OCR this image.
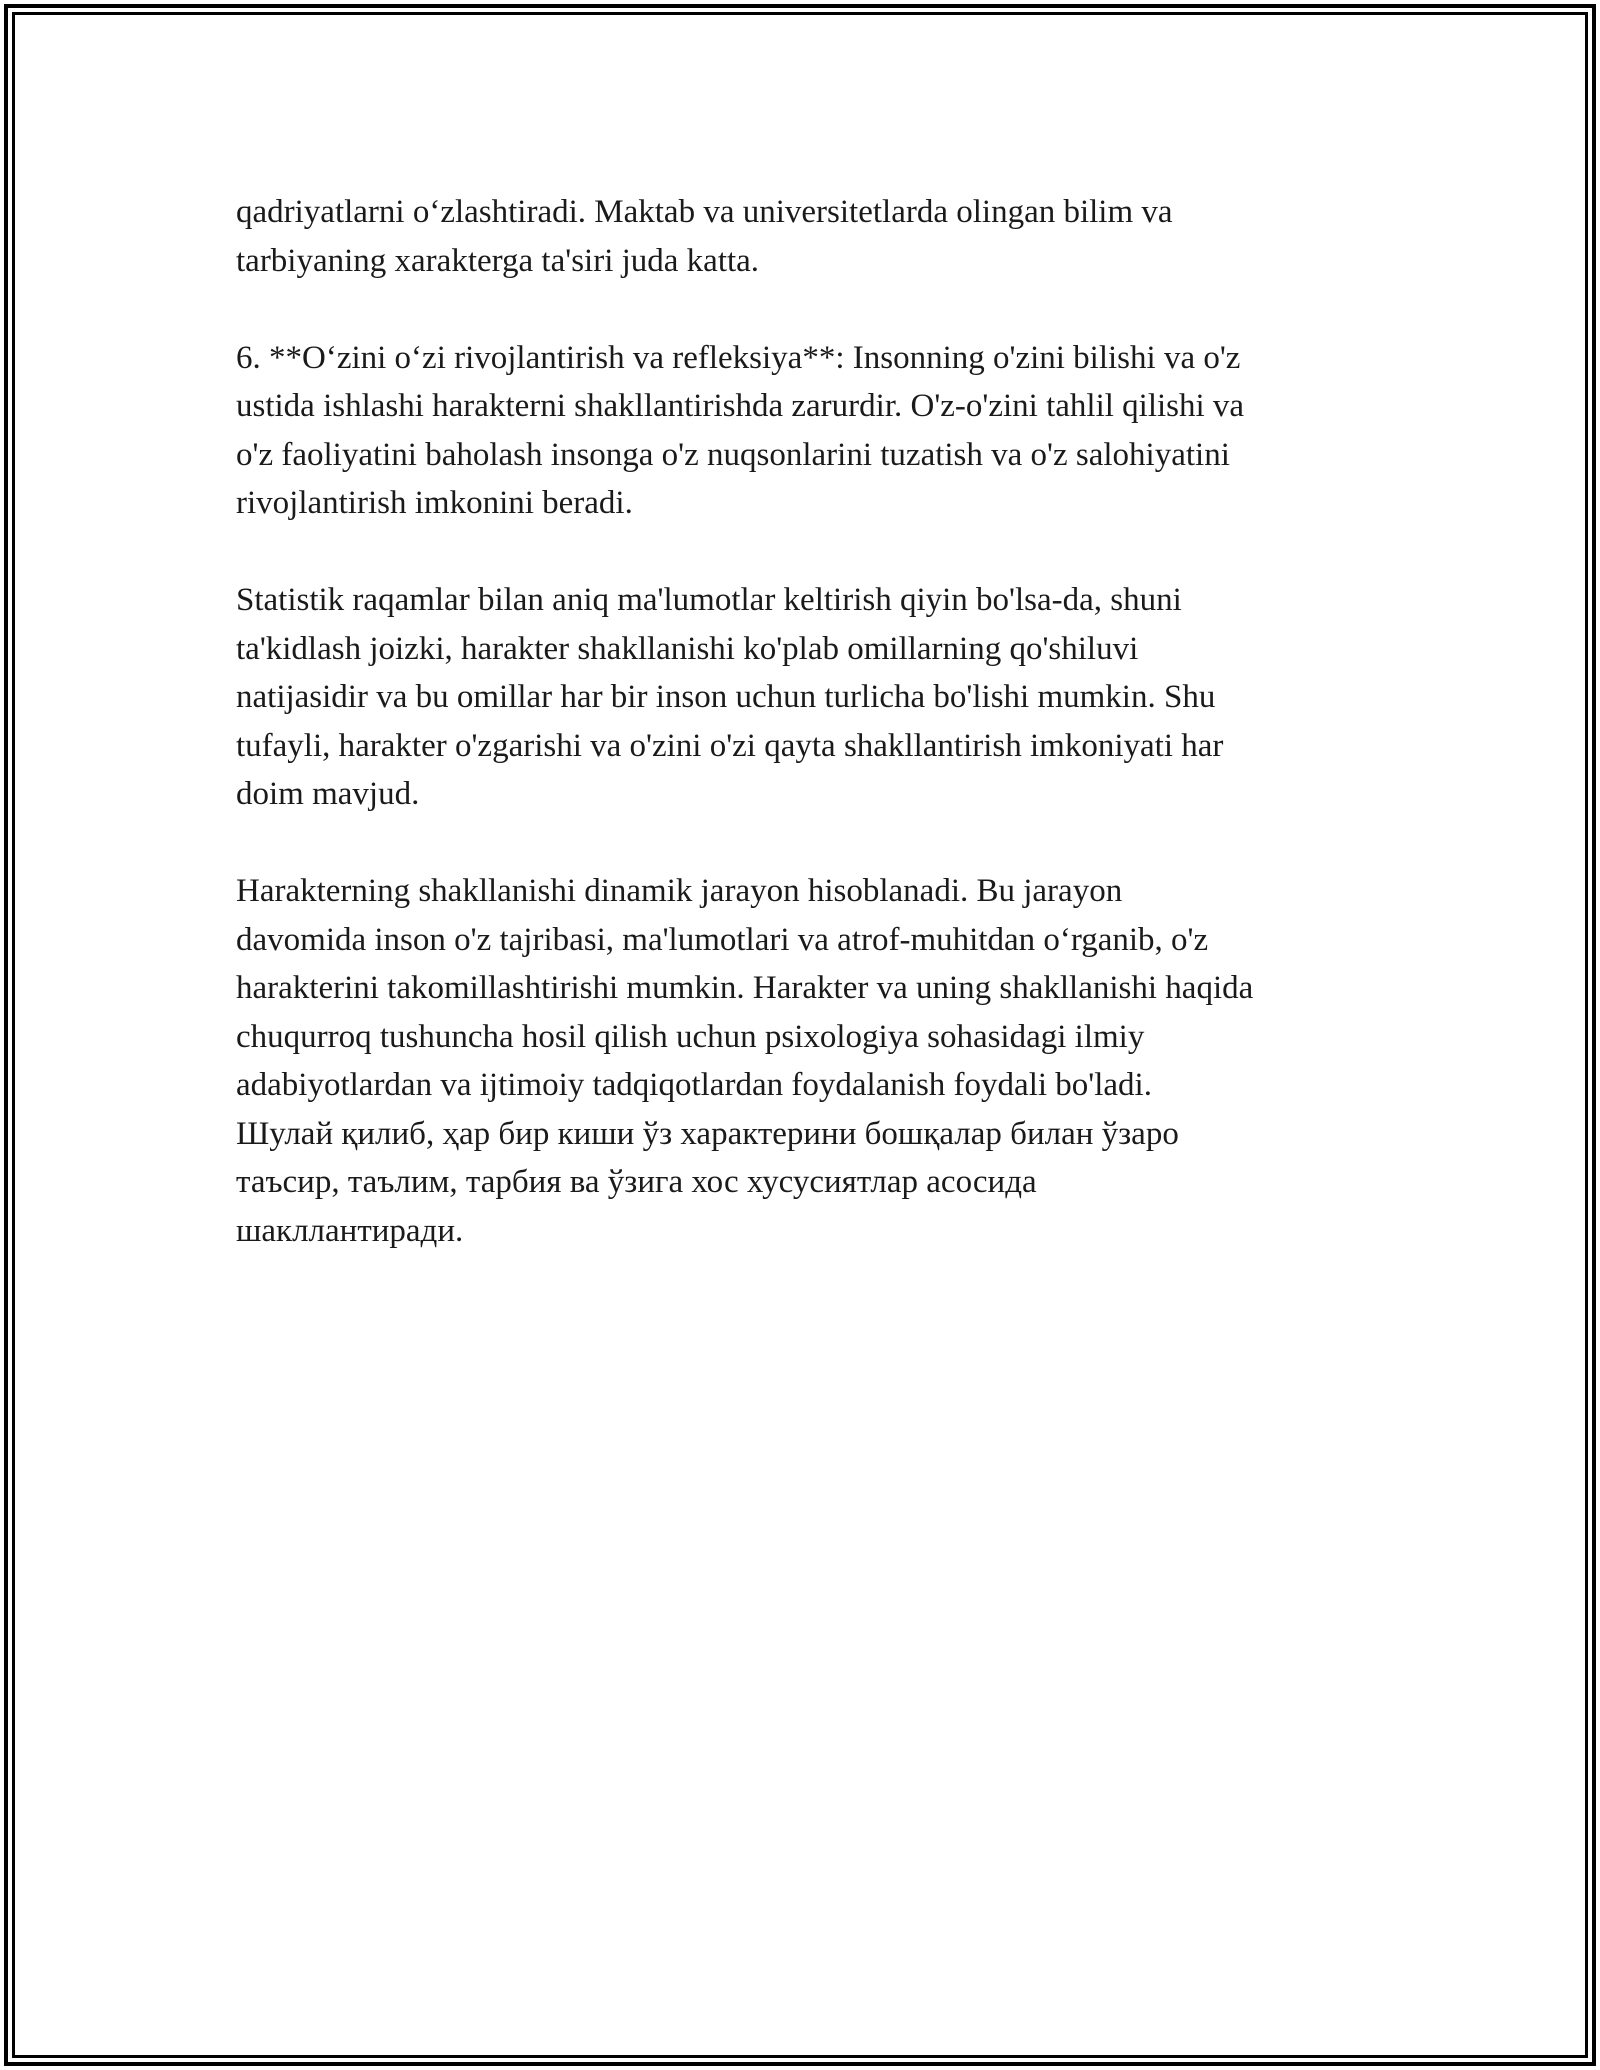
qadriyatlarni o‘zlashtiradi. Maktab va universitetlarda olingan bilim va
tarbiyaning xarakterga ta'siri juda katta.

6. **O‘zini o‘zi rivojlantirish va refleksiya**: Insonning o'zini bilishi va o'z
ustida ishlashi harakterni shakllantirishda zarurdir. O'z-o'zini tahlil qilishi va
o'z faoliyatini baholash insonga o'z nuqsonlarini tuzatish va o'z salohiyatini
rivojlantirish imkonini beradi.

Statistik raqamlar bilan aniq ma'lumotlar keltirish qiyin bo'lsa-da, shuni
ta'kidlash joizki, harakter shakllanishi ko'plab omillarning qo'shiluvi
natijasidir va bu omillar har bir inson uchun turlicha bo'lishi mumkin. Shu
tufayli, harakter o'zgarishi va o'zini o'zi qayta shakllantirish imkoniyati har
doim mavjud.

Harakterning shakllanishi dinamik jarayon hisoblanadi. Bu jarayon
davomida inson o'z tajribasi, ma'lumotlari va atrof-muhitdan o‘rganib, o'z
harakterini takomillashtirishi mumkin. Harakter va uning shakllanishi haqida
chuqurroq tushuncha hosil qilish uchun psixologiya sohasidagi ilmiy
adabiyotlardan va ijtimoiy tadqiqotlardan foydalanish foydali bo'ladi.
Шулай қилиб, ҳар бир киши ўз характерини бошқалар билан ўзаро
таъсир, таълим, тарбия ва ўзига хос хусусиятлар асосида
шакллантиради.
